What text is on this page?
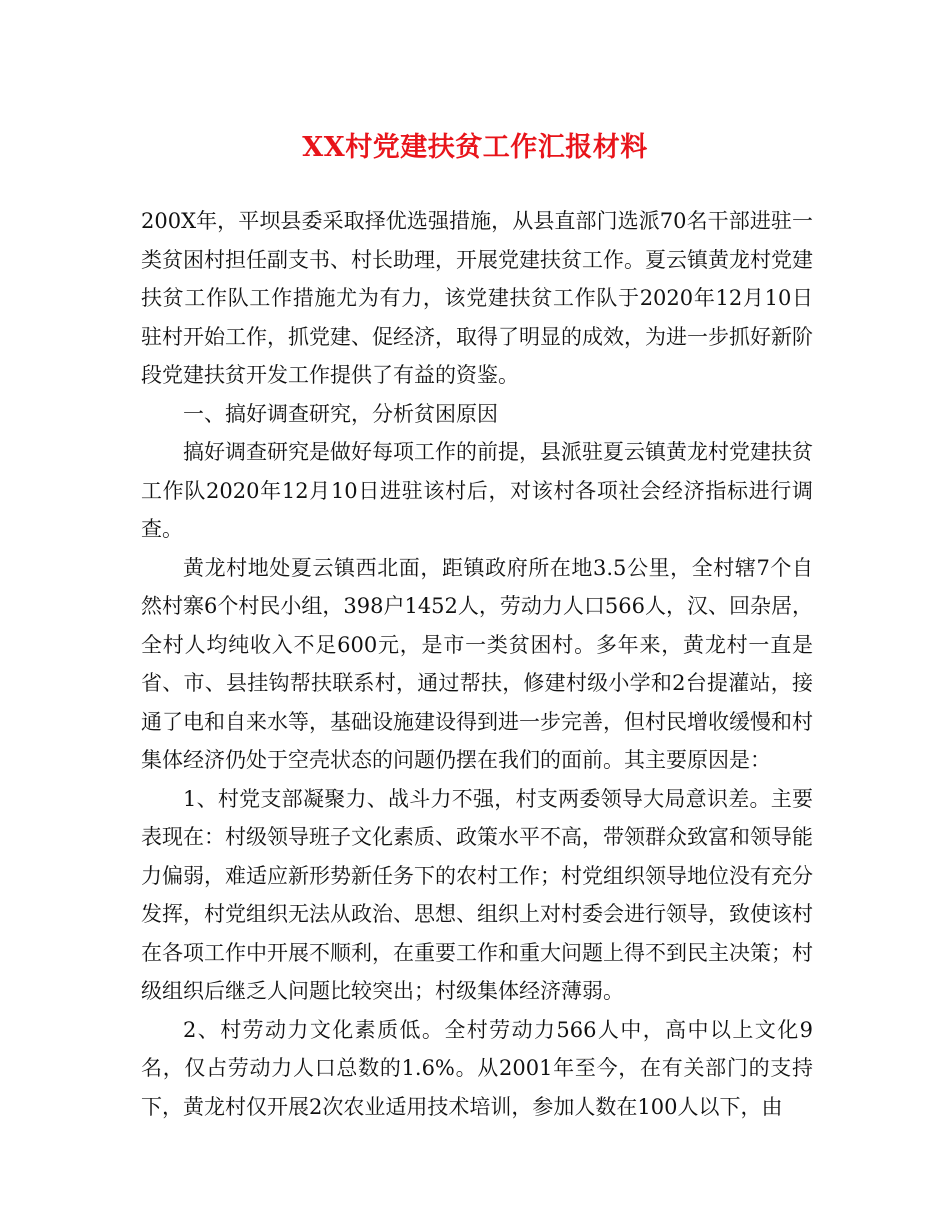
XX村党建扶贫工作汇报材料

200X年，平坝县委采取择优选强措施，从县直部门选派70名干部进驻一类贫困村担任副支书、村长助理，开展党建扶贫工作。夏云镇黄龙村党建扶贫工作队工作措施尤为有力，该党建扶贫工作队于2020年12月10日驻村开始工作，抓党建、促经济，取得了明显的成效，为进一步抓好新阶段党建扶贫开发工作提供了有益的资鉴。

一、搞好调查研究，分析贫困原因

搞好调查研究是做好每项工作的前提，县派驻夏云镇黄龙村党建扶贫工作队2020年12月10日进驻该村后，对该村各项社会经济指标进行调查。

黄龙村地处夏云镇西北面，距镇政府所在地3.5公里，全村辖7个自然村寨6个村民小组，398户1452人，劳动力人口566人，汉、回杂居，全村人均纯收入不足600元，是市一类贫困村。多年来，黄龙村一直是省、市、县挂钩帮扶联系村，通过帮扶，修建村级小学和2台提灌站，接通了电和自来水等，基础设施建设得到进一步完善，但村民增收缓慢和村集体经济仍处于空壳状态的问题仍摆在我们的面前。其主要原因是：

1、村党支部凝聚力、战斗力不强，村支两委领导大局意识差。主要表现在：村级领导班子文化素质、政策水平不高，带领群众致富和领导能力偏弱，难适应新形势新任务下的农村工作；村党组织领导地位没有充分发挥，村党组织无法从政治、思想、组织上对村委会进行领导，致使该村在各项工作中开展不顺利，在重要工作和重大问题上得不到民主决策；村级组织后继乏人问题比较突出；村级集体经济薄弱。

2、村劳动力文化素质低。全村劳动力566人中，高中以上文化9名，仅占劳动力人口总数的1.6%。从2001年至今，在有关部门的支持下，黄龙村仅开展2次农业适用技术培训，参加人数在100人以下，由
